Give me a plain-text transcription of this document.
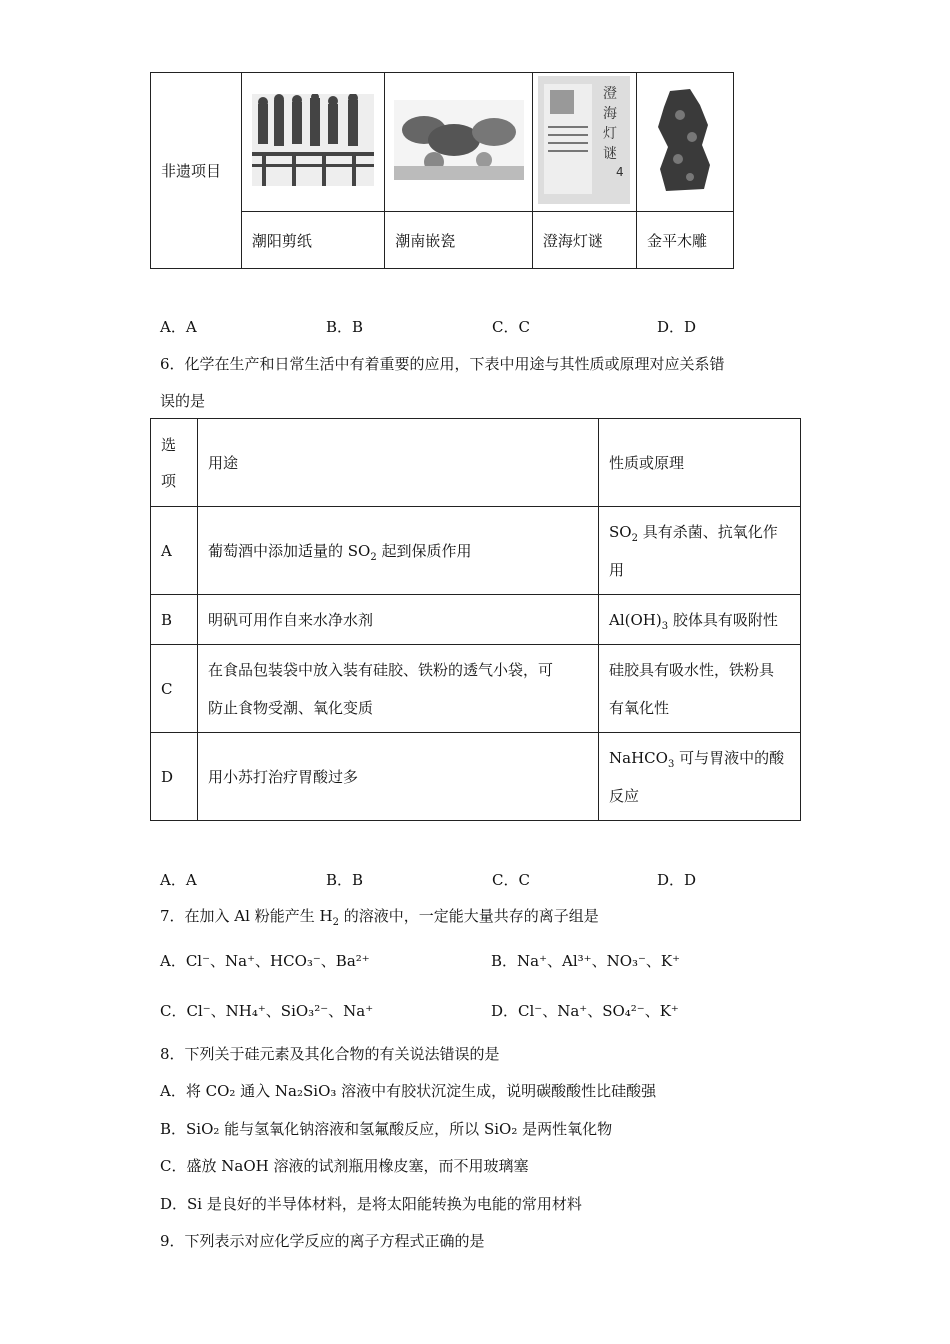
非遗项目			澄
海
灯
谜
4

	潮阳剪纸	潮南嵌瓷	澄海灯谜	金平木雕
A．A	B．B	C．C	D．D
6．化学在生产和日常生活中有着重要的应用，下表中用途与其性质或原理对应关系错
误的是
选
项	用途	性质或原理
A	葡萄酒中添加适量的 $SO_2$ 起到保质作用	$SO_2$ 具有杀菌、抗氧化作
用
B	明矾可用作自来水净水剂	$Al(OH)_3$ 胶体具有吸附性
C	在食品包装袋中放入装有硅胶、铁粉的透气小袋，可
防止食物受潮、氧化变质	硅胶具有吸水性，铁粉具
有氧化性
D	用小苏打治疗胃酸过多	NaHCO$_3$ 可与胃液中的酸
反应
A．A	B．B	C．C	D．D
7．在加入 Al 粉能产生 $H_2$ 的溶液中，一定能大量共存的离子组是
A．Cl⁻、Na⁺、HCO₃⁻、Ba²⁺	B．Na⁺、Al³⁺、NO₃⁻、K⁺
C．Cl⁻、NH₄⁺、SiO₃²⁻、Na⁺	D．Cl⁻、Na⁺、SO₄²⁻、K⁺
8．下列关于硅元素及其化合物的有关说法错误的是
A．将 CO₂ 通入 Na₂SiO₃ 溶液中有胶状沉淀生成，说明碳酸酸性比硅酸强
B．SiO₂ 能与氢氧化钠溶液和氢氟酸反应，所以 SiO₂ 是两性氧化物
C．盛放 NaOH 溶液的试剂瓶用橡皮塞，而不用玻璃塞
D．Si 是良好的半导体材料，是将太阳能转换为电能的常用材料
9．下列表示对应化学反应的离子方程式正确的是
